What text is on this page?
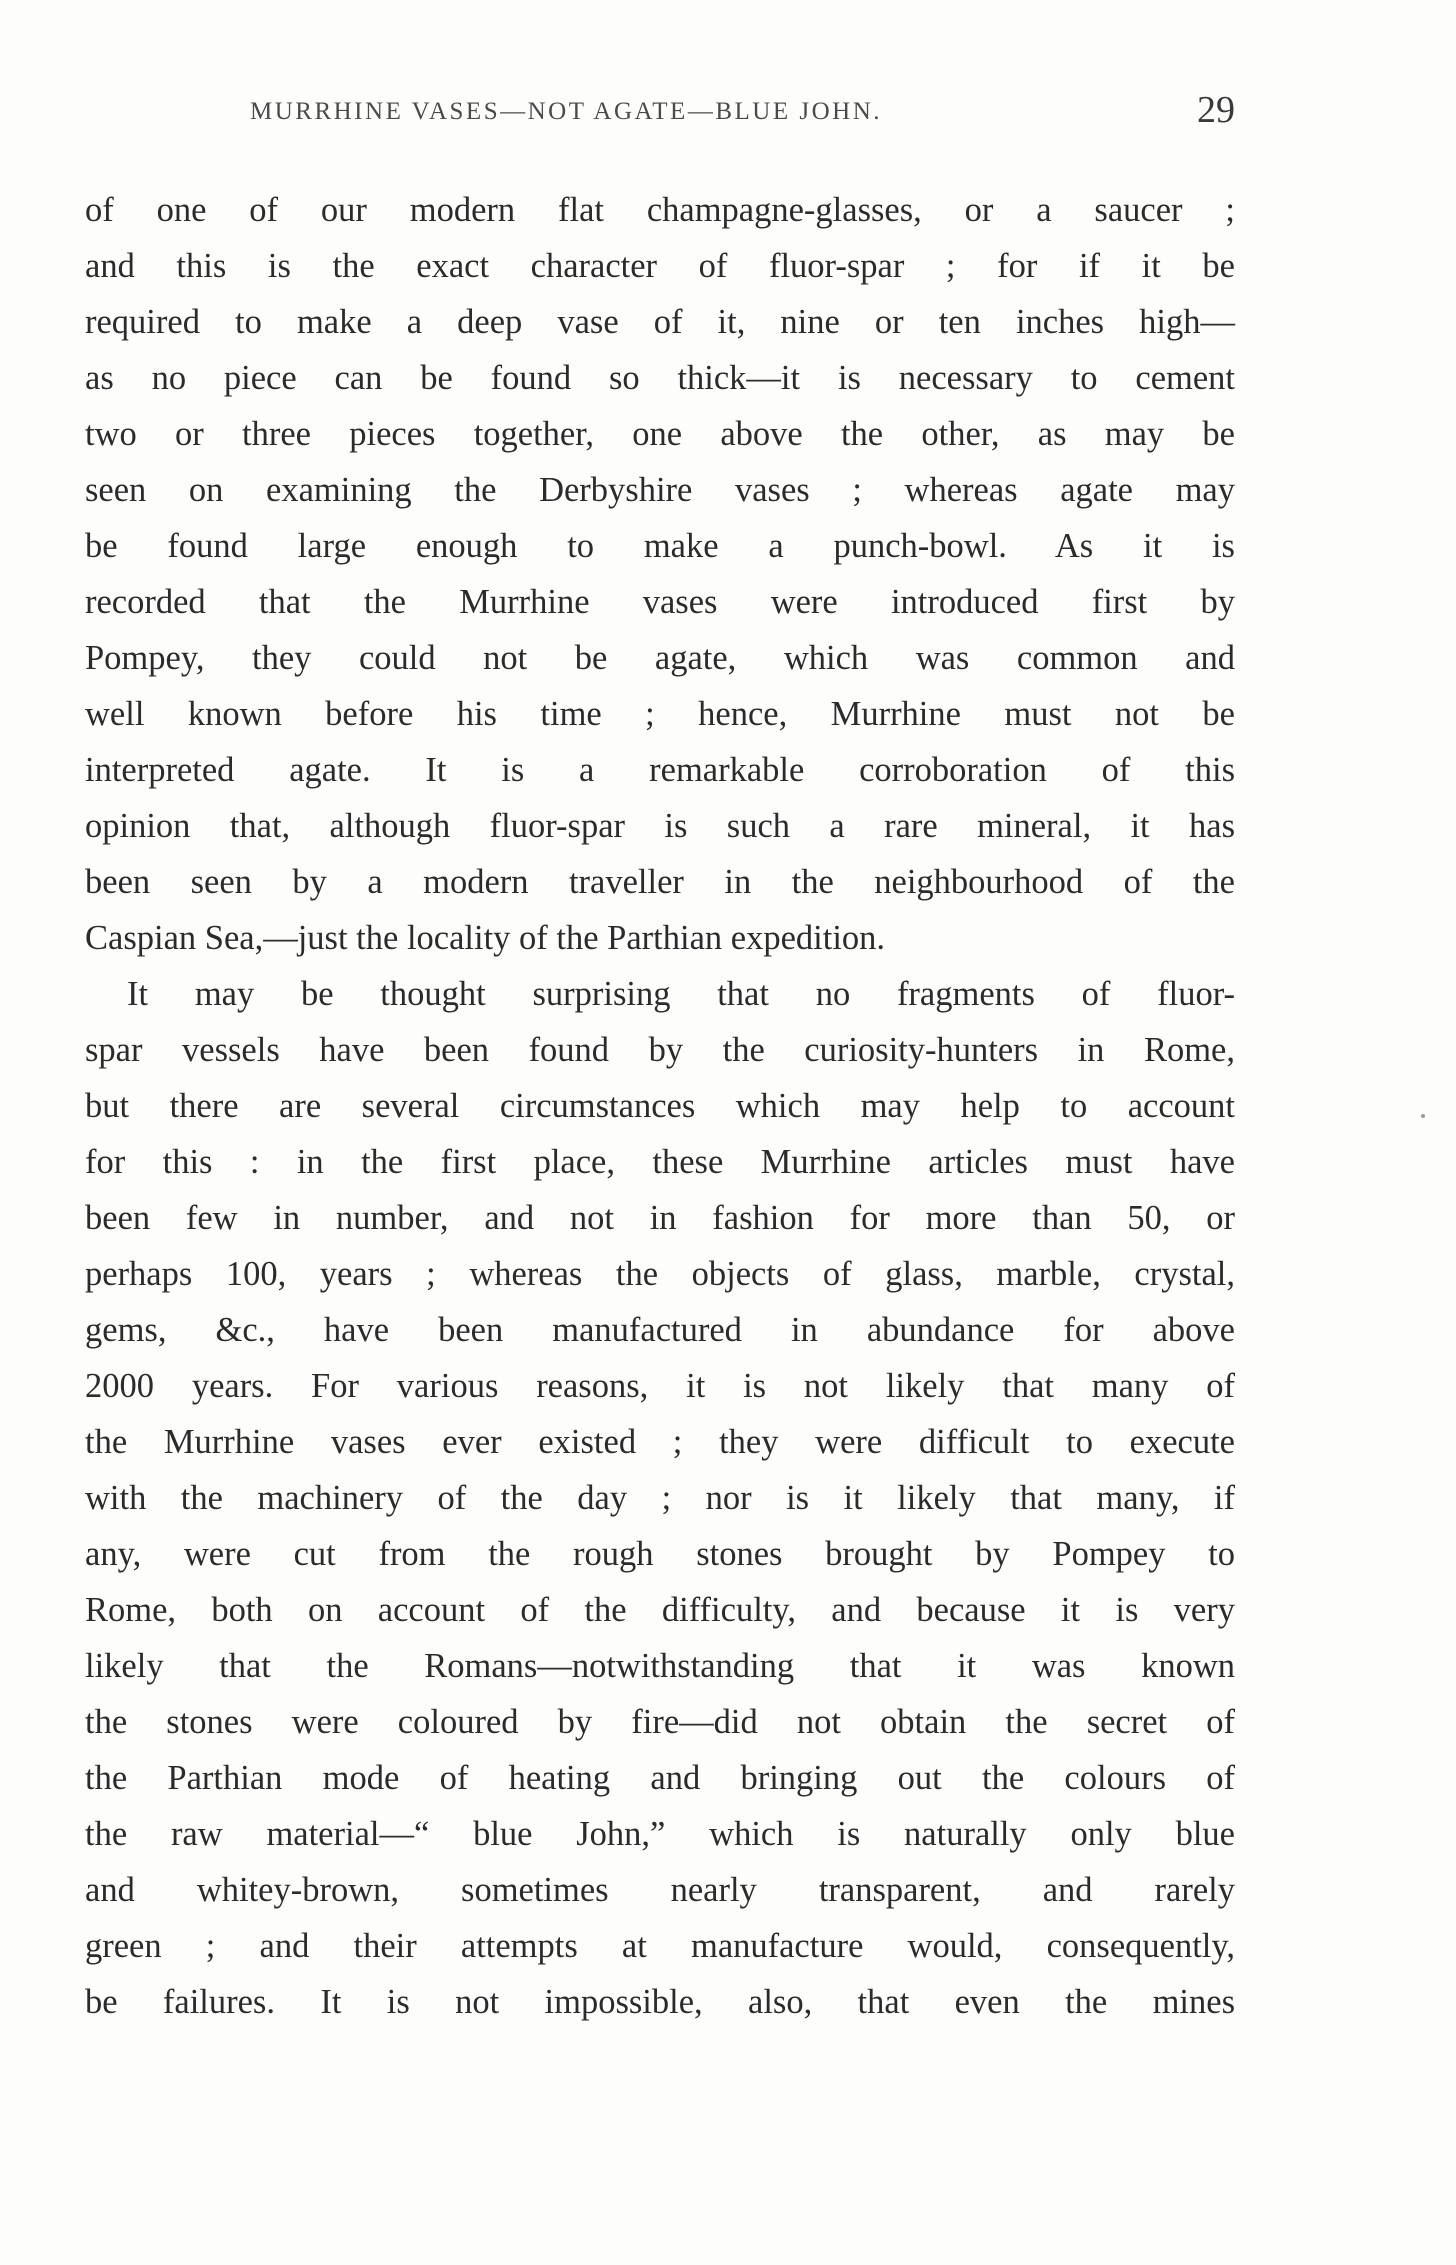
MURRHINE VASES—NOT AGATE—BLUE JOHN.	29
of one of our modern flat champagne-glasses, or a saucer ;
and this is the exact character of fluor-spar ; for if it be
required to make a deep vase of it, nine or ten inches high—
as no piece can be found so thick—it is necessary to cement
two or three pieces together, one above the other, as may be
seen on examining the Derbyshire vases ; whereas agate may
be found large enough to make a punch-bowl. As it is
recorded that the Murrhine vases were introduced first by
Pompey, they could not be agate, which was common and
well known before his time ; hence, Murrhine must not be
interpreted agate. It is a remarkable corroboration of this
opinion that, although fluor-spar is such a rare mineral, it has
been seen by a modern traveller in the neighbourhood of the
Caspian Sea,—just the locality of the Parthian expedition.
It may be thought surprising that no fragments of fluor-
spar vessels have been found by the curiosity-hunters in Rome,
but there are several circumstances which may help to account
for this : in the first place, these Murrhine articles must have
been few in number, and not in fashion for more than 50, or
perhaps 100, years ; whereas the objects of glass, marble, crystal,
gems, &c., have been manufactured in abundance for above
2000 years. For various reasons, it is not likely that many of
the Murrhine vases ever existed ; they were difficult to execute
with the machinery of the day ; nor is it likely that many, if
any, were cut from the rough stones brought by Pompey to
Rome, both on account of the difficulty, and because it is very
likely that the Romans—notwithstanding that it was known
the stones were coloured by fire—did not obtain the secret of
the Parthian mode of heating and bringing out the colours of
the raw material—“ blue John,” which is naturally only blue
and whitey-brown, sometimes nearly transparent, and rarely
green ; and their attempts at manufacture would, consequently,
be failures. It is not impossible, also, that even the mines
